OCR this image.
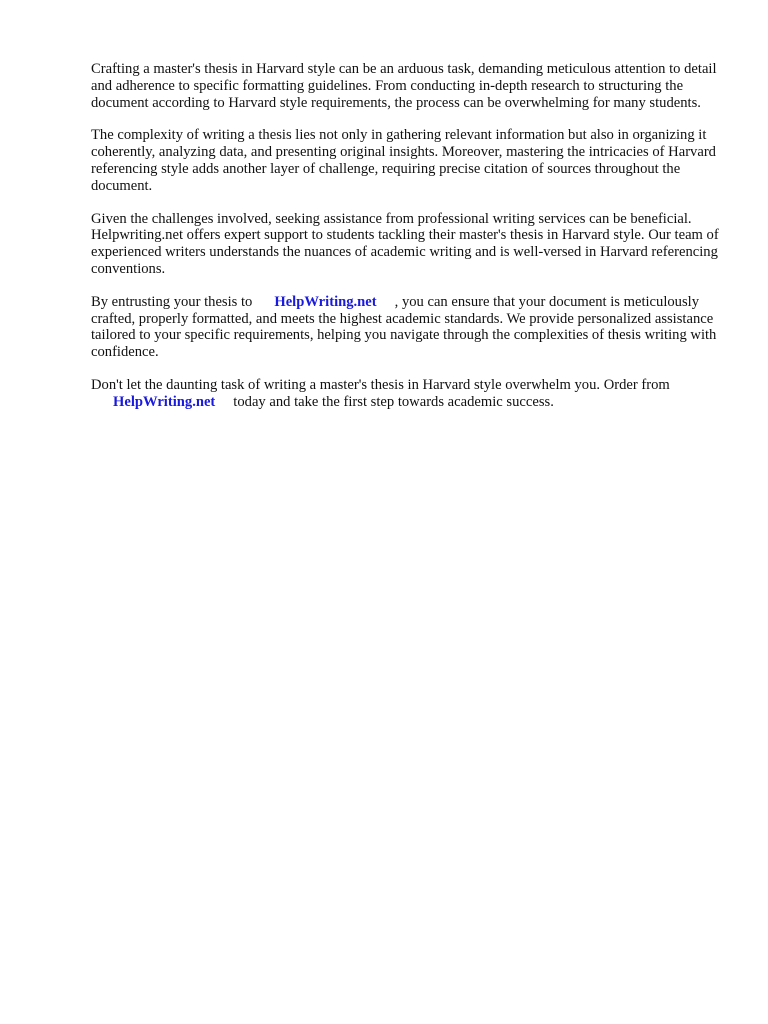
Crafting a master's thesis in Harvard style can be an arduous task, demanding meticulous attention to detail and adherence to specific formatting guidelines. From conducting in-depth research to structuring the document according to Harvard style requirements, the process can be overwhelming for many students.

The complexity of writing a thesis lies not only in gathering relevant information but also in organizing it coherently, analyzing data, and presenting original insights. Moreover, mastering the intricacies of Harvard referencing style adds another layer of challenge, requiring precise citation of sources throughout the document.

Given the challenges involved, seeking assistance from professional writing services can be beneficial. Helpwriting.net offers expert support to students tackling their master's thesis in Harvard style. Our team of experienced writers understands the nuances of academic writing and is well-versed in Harvard referencing conventions.

By entrusting your thesis to HelpWriting.net , you can ensure that your document is meticulously crafted, properly formatted, and meets the highest academic standards. We provide personalized assistance tailored to your specific requirements, helping you navigate through the complexities of thesis writing with confidence.

Don't let the daunting task of writing a master's thesis in Harvard style overwhelm you. Order from
HelpWriting.net today and take the first step towards academic success.
